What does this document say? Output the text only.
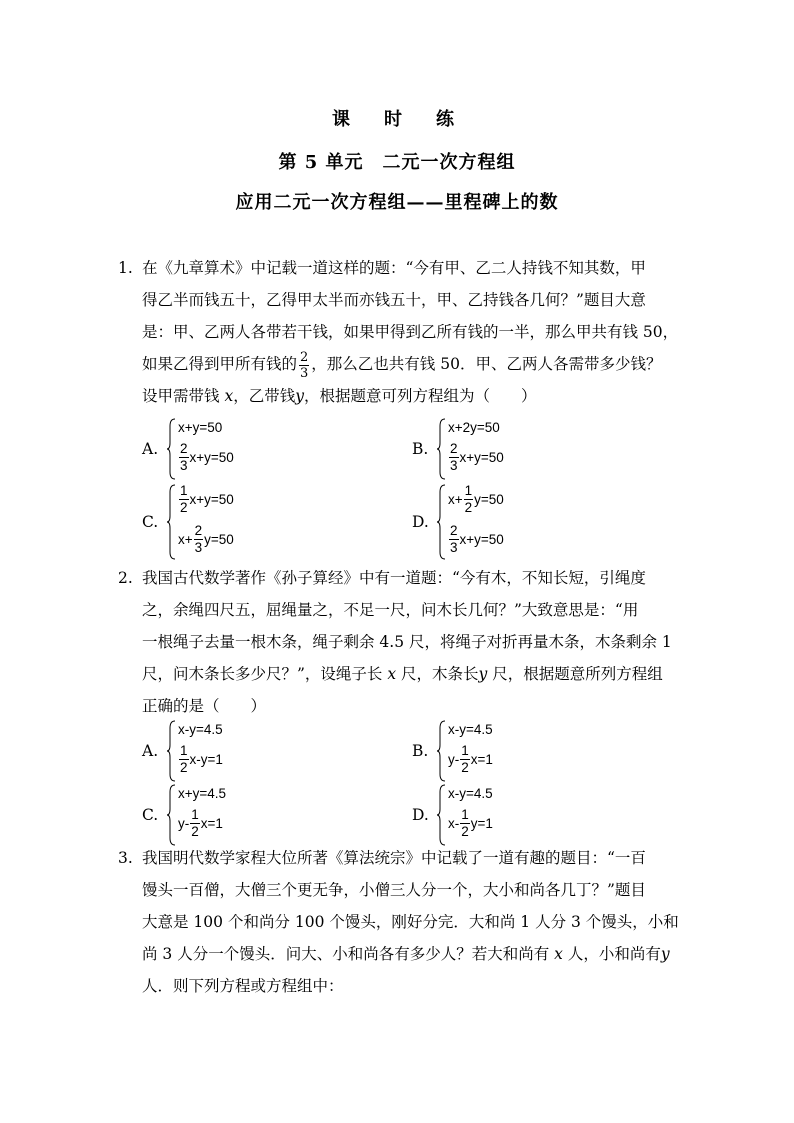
课　时　练
第 5 单元　二元一次方程组
应用二元一次方程组——里程碑上的数
1. 在《九章算术》中记载一道这样的题：“今有甲、乙二人持钱不知其数，甲
得乙半而钱五十，乙得甲太半而亦钱五十，甲、乙持钱各几何？”题目大意
是：甲、乙两人各带若干钱，如果甲得到乙所有钱的一半，那么甲共有钱 50，
如果乙得到甲所有钱的 $\frac{2}{3}$ ，那么乙也共有钱 50．甲、乙两人各需带多少钱？
设甲需带钱 x，乙带钱y，根据题意可列方程组为（　　）
A.
x+y=50
$\frac{2}{3} x+y=50$	B.
x+2y=50
$\frac{2}{3} x+y=50$
C.
$\frac{1}{2} x+y=50$
$x+ \frac{2}{3} y=50$
D.
$x+ \frac{1}{2} y=50$
$\frac{2}{3} x+y=50$
2. 我国古代数学著作《孙子算经》中有一道题：“今有木，不知长短，引绳度
之，余绳四尺五，屈绳量之，不足一尺，问木长几何？”大致意思是：“用
一根绳子去量一根木条，绳子剩余 4.5 尺，将绳子对折再量木条，木条剩余 1
尺，问木条长多少尺？”，设绳子长 x 尺，木条长y 尺，根据题意所列方程组
正确的是（　　）
A.
x-y=4.5
$\frac{1}{2} x-y=1$	B.
x-y=4.5
$y- \frac{1}{2} x=1$
C.
x+y=4.5
$y- \frac{1}{2} x=1$	D.
x-y=4.5
$x- \frac{1}{2} y=1$
3. 我国明代数学家程大位所著《算法统宗》中记载了一道有趣的题目：“一百
馒头一百僧，大僧三个更无争，小僧三人分一个，大小和尚各几丁？”题目
大意是 100 个和尚分 100 个馒头，刚好分完．大和尚 1 人分 3 个馒头，小和
尚 3 人分一个馒头．问大、小和尚各有多少人？若大和尚有 x 人，小和尚有y
人．则下列方程或方程组中：
